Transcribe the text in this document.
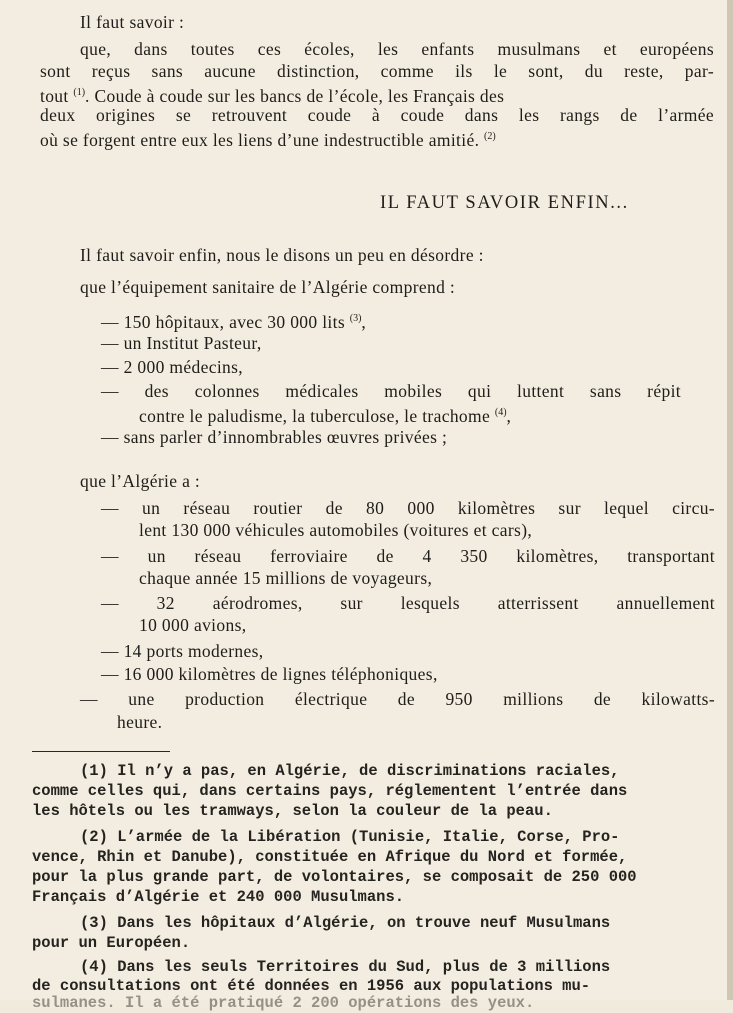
Il faut savoir :
que, dans toutes ces écoles, les enfants musulmans et européens
sont reçus sans aucune distinction, comme ils le sont, du reste, par-
tout $^{(1)}$. Coude à coude sur les bancs de l’école, les Français des
deux origines se retrouvent coude à coude dans les rangs de l’armée
où se forgent entre eux les liens d’une indestructible amitié. $^{(2)}$
IL FAUT SAVOIR ENFIN...
Il faut savoir enfin, nous le disons un peu en désordre :
que l’équipement sanitaire de l’Algérie comprend :
— 150 hôpitaux, avec 30 000 lits $^{(3)}$,
— un Institut Pasteur,
— 2 000 médecins,
— des colonnes médicales mobiles qui luttent sans répit
contre le paludisme, la tuberculose, le trachome $^{(4)}$,
— sans parler d’innombrables œuvres privées ;
que l’Algérie a :
— un réseau routier de 80 000 kilomètres sur lequel circu-
lent 130 000 véhicules automobiles (voitures et cars),
— un réseau ferroviaire de 4 350 kilomètres, transportant
chaque année 15 millions de voyageurs,
— 32 aérodromes, sur lesquels atterrissent annuellement
10 000 avions,
— 14 ports modernes,
— 16 000 kilomètres de lignes téléphoniques,
— une production électrique de 950 millions de kilowatts-
heure.
(1) Il n’y a pas, en Algérie, de discriminations raciales,
comme celles qui, dans certains pays, réglementent l’entrée dans
les hôtels ou les tramways, selon la couleur de la peau.
(2) L’armée de la Libération (Tunisie, Italie, Corse, Pro-
vence, Rhin et Danube), constituée en Afrique du Nord et formée,
pour la plus grande part, de volontaires, se composait de 250 000
Français d’Algérie et 240 000 Musulmans.
(3) Dans les hôpitaux d’Algérie, on trouve neuf Musulmans
pour un Européen.
(4) Dans les seuls Territoires du Sud, plus de 3 millions
de consultations ont été données en 1956 aux populations mu-
sulmanes. Il a été pratiqué 2 200 opérations des yeux.
